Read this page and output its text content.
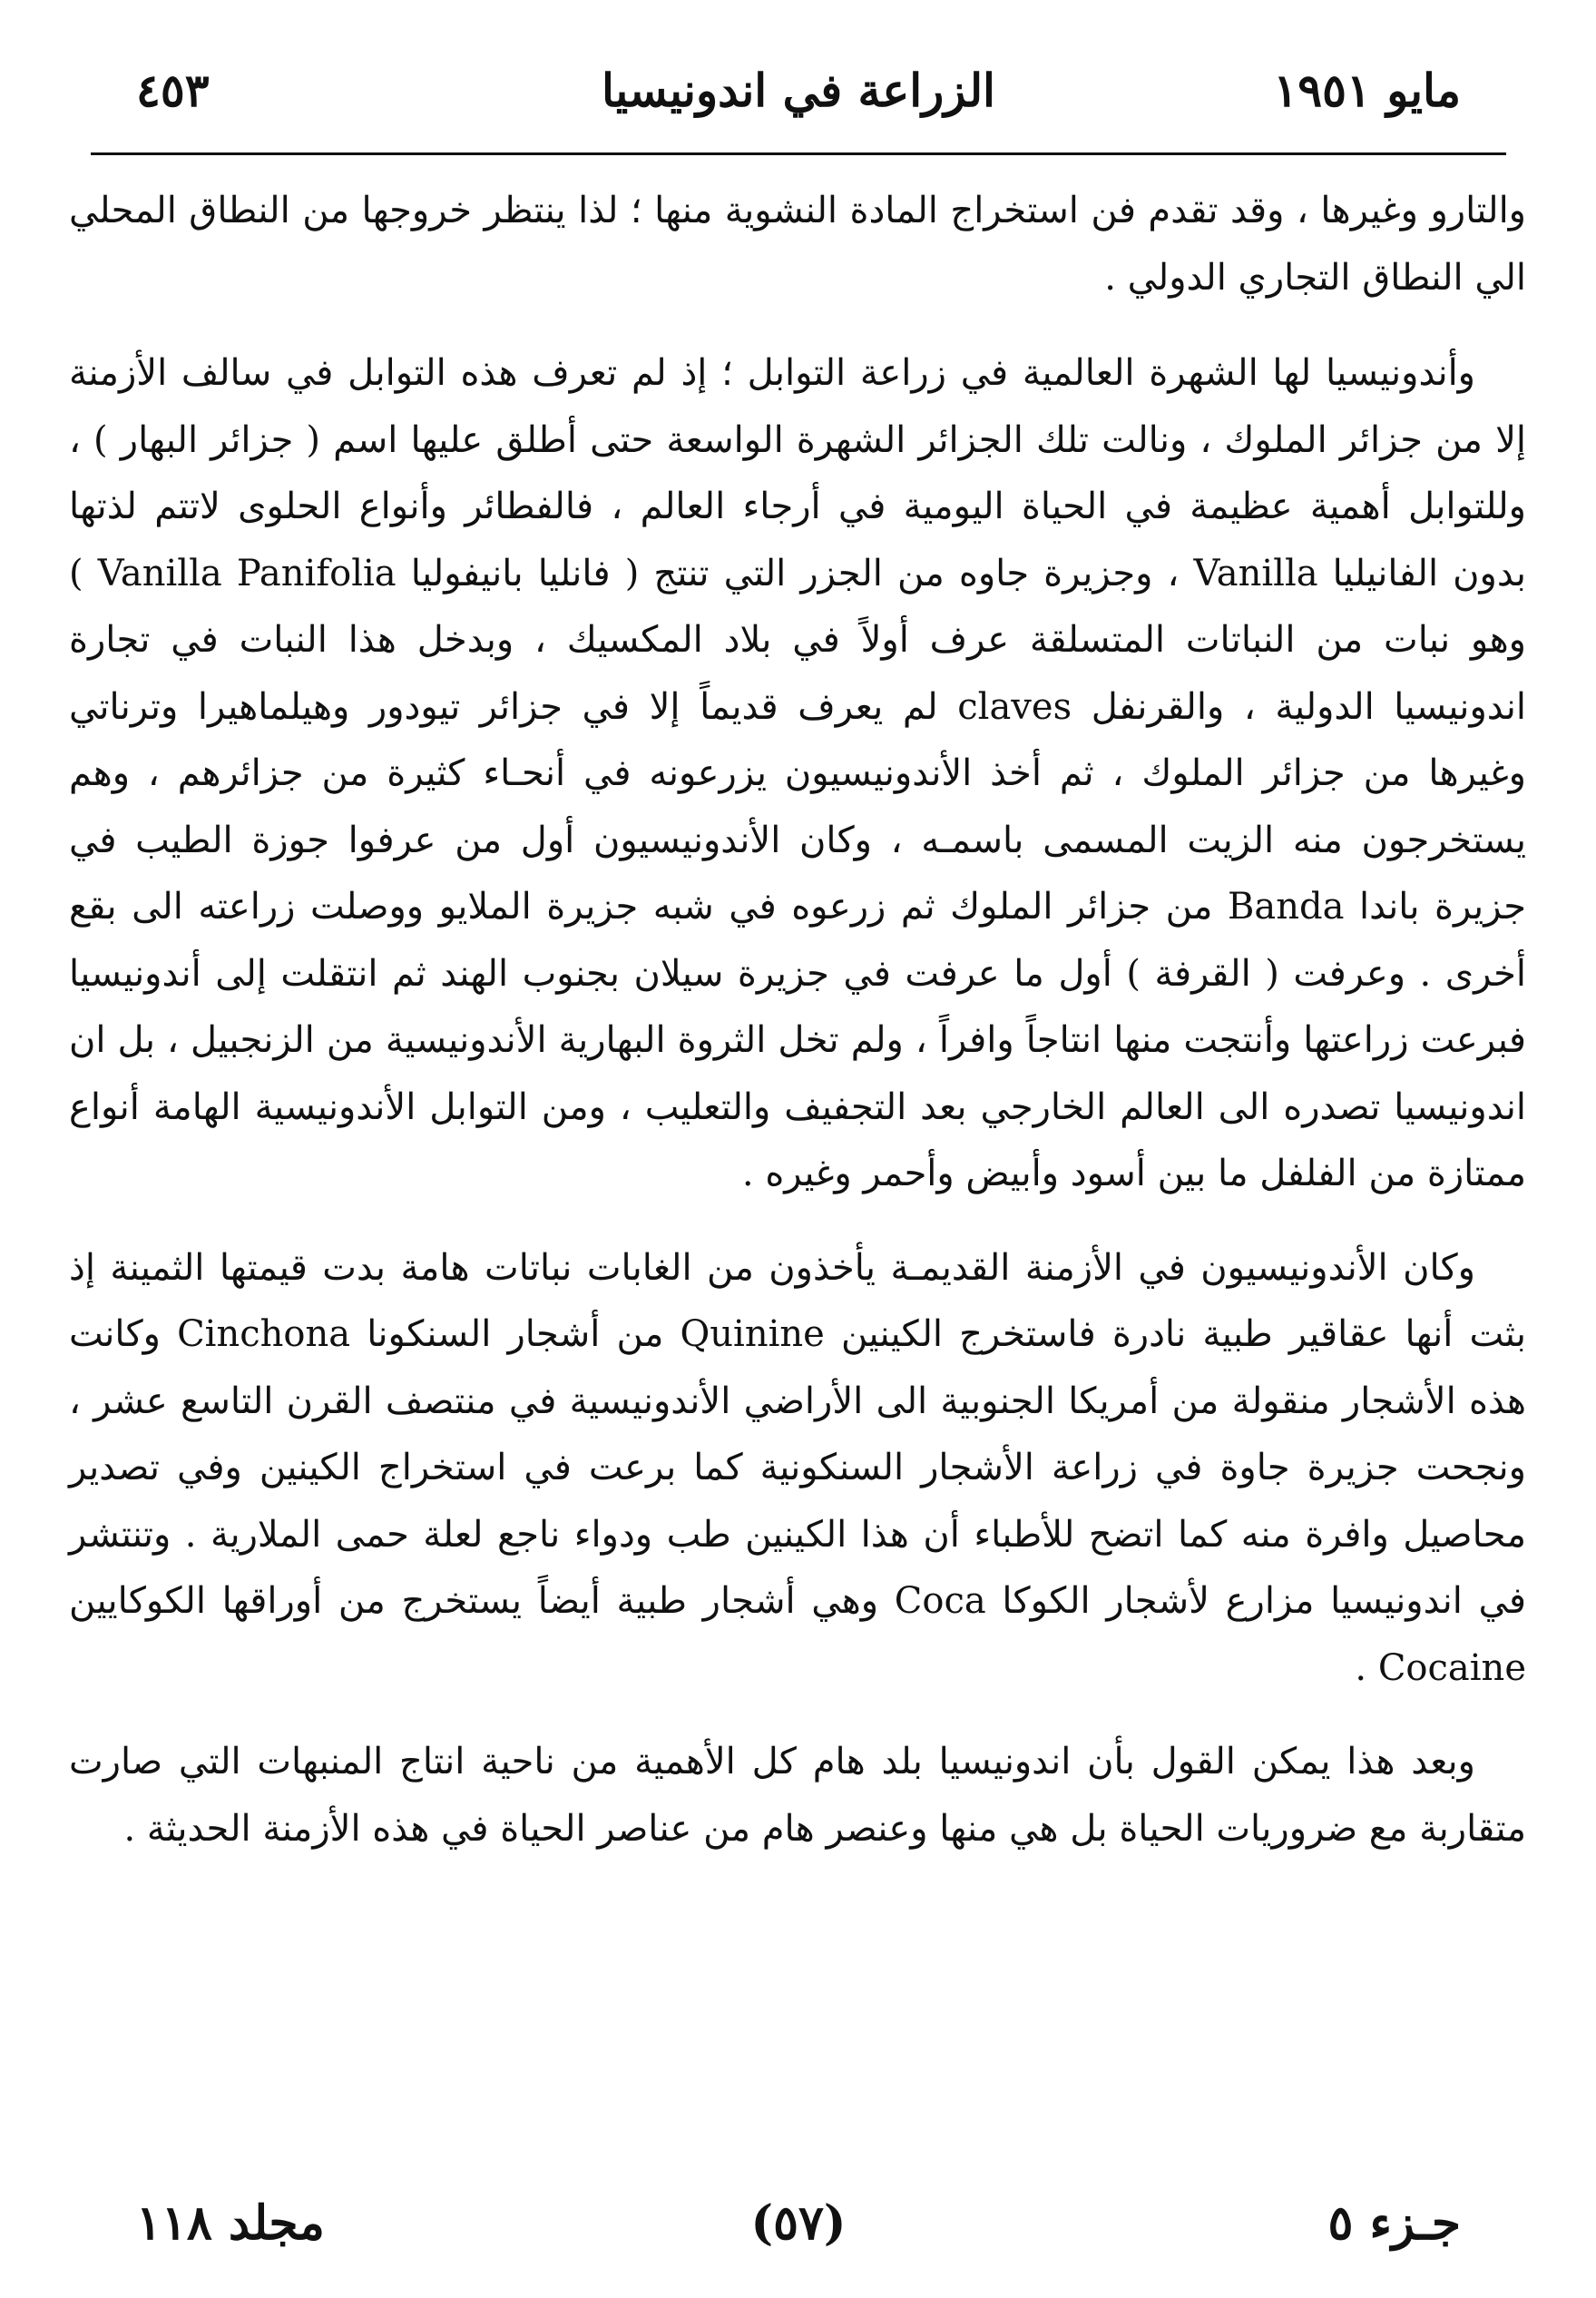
مايو ١٩٥١
الزراعة في اندونيسيا
٤٥٣

والتارو وغيرها ، وقد تقدم فن استخراج المادة النشوية منها ؛ لذا ينتظر خروجها من النطاق المحلي الي النطاق التجاري الدولي .

وأندونيسيا لها الشهرة العالمية في زراعة التوابل ؛ إذ لم تعرف هذه التوابل في سالف الأزمنة إلا من جزائر الملوك ، ونالت تلك الجزائر الشهرة الواسعة حتى أطلق عليها اسم ( جزائر البهار ) ، وللتوابل أهمية عظيمة في الحياة اليومية في أرجاء العالم ، فالفطائر وأنواع الحلوى لاتتم لذتها بدون الفانيليا Vanilla ، وجزيرة جاوه من الجزر التي تنتج ( فانليا بانيفوليا Vanilla Panifolia ) وهو نبات من النباتات المتسلقة عرف أولاً في بلاد المكسيك ، وبدخل هذا النبات في تجارة اندونيسيا الدولية ، والقرنفل claves لم يعرف قديماً إلا في جزائر تيودور وهيلماهيرا وترناتي وغيرها من جزائر الملوك ، ثم أخذ الأندونيسيون يزرعونه في أنحـاء كثيرة من جزائرهم ، وهم يستخرجون منه الزيت المسمى باسمـه ، وكان الأندونيسيون أول من عرفوا جوزة الطيب في جزيرة باندا Banda من جزائر الملوك ثم زرعوه في شبه جزيرة الملايو ووصلت زراعته الى بقع أخرى . وعرفت ( القرفة ) أول ما عرفت في جزيرة سيلان بجنوب الهند ثم انتقلت إلى أندونيسيا فبرعت زراعتها وأنتجت منها انتاجاً وافراً ، ولم تخل الثروة البهارية الأندونيسية من الزنجبيل ، بل ان اندونيسيا تصدره الى العالم الخارجي بعد التجفيف والتعليب ، ومن التوابل الأندونيسية الهامة أنواع ممتازة من الفلفل ما بين أسود وأبيض وأحمر وغيره .

وكان الأندونيسيون في الأزمنة القديمـة يأخذون من الغابات نباتات هامة بدت قيمتها الثمينة إذ بثت أنها عقاقير طبية نادرة فاستخرج الكينين Quinine من أشجار السنكونا Cinchona وكانت هذه الأشجار منقولة من أمريكا الجنوبية الى الأراضي الأندونيسية في منتصف القرن التاسع عشر ، ونجحت جزيرة جاوة في زراعة الأشجار السنكونية كما برعت في استخراج الكينين وفي تصدير محاصيل وافرة منه كما اتضح للأطباء أن هذا الكينين طب ودواء ناجع لعلة حمى الملارية . وتنتشر في اندونيسيا مزارع لأشجار الكوكا Coca وهي أشجار طبية أيضاً يستخرج من أوراقها الكوكايين Cocaine .

وبعد هذا يمكن القول بأن اندونيسيا بلد هام كل الأهمية من ناحية انتاج المنبهات التي صارت متقاربة مع ضروريات الحياة بل هي منها وعنصر هام من عناصر الحياة في هذه الأزمنة الحديثة .

جـزء ٥
(٥٧)
مجلد ١١٨
